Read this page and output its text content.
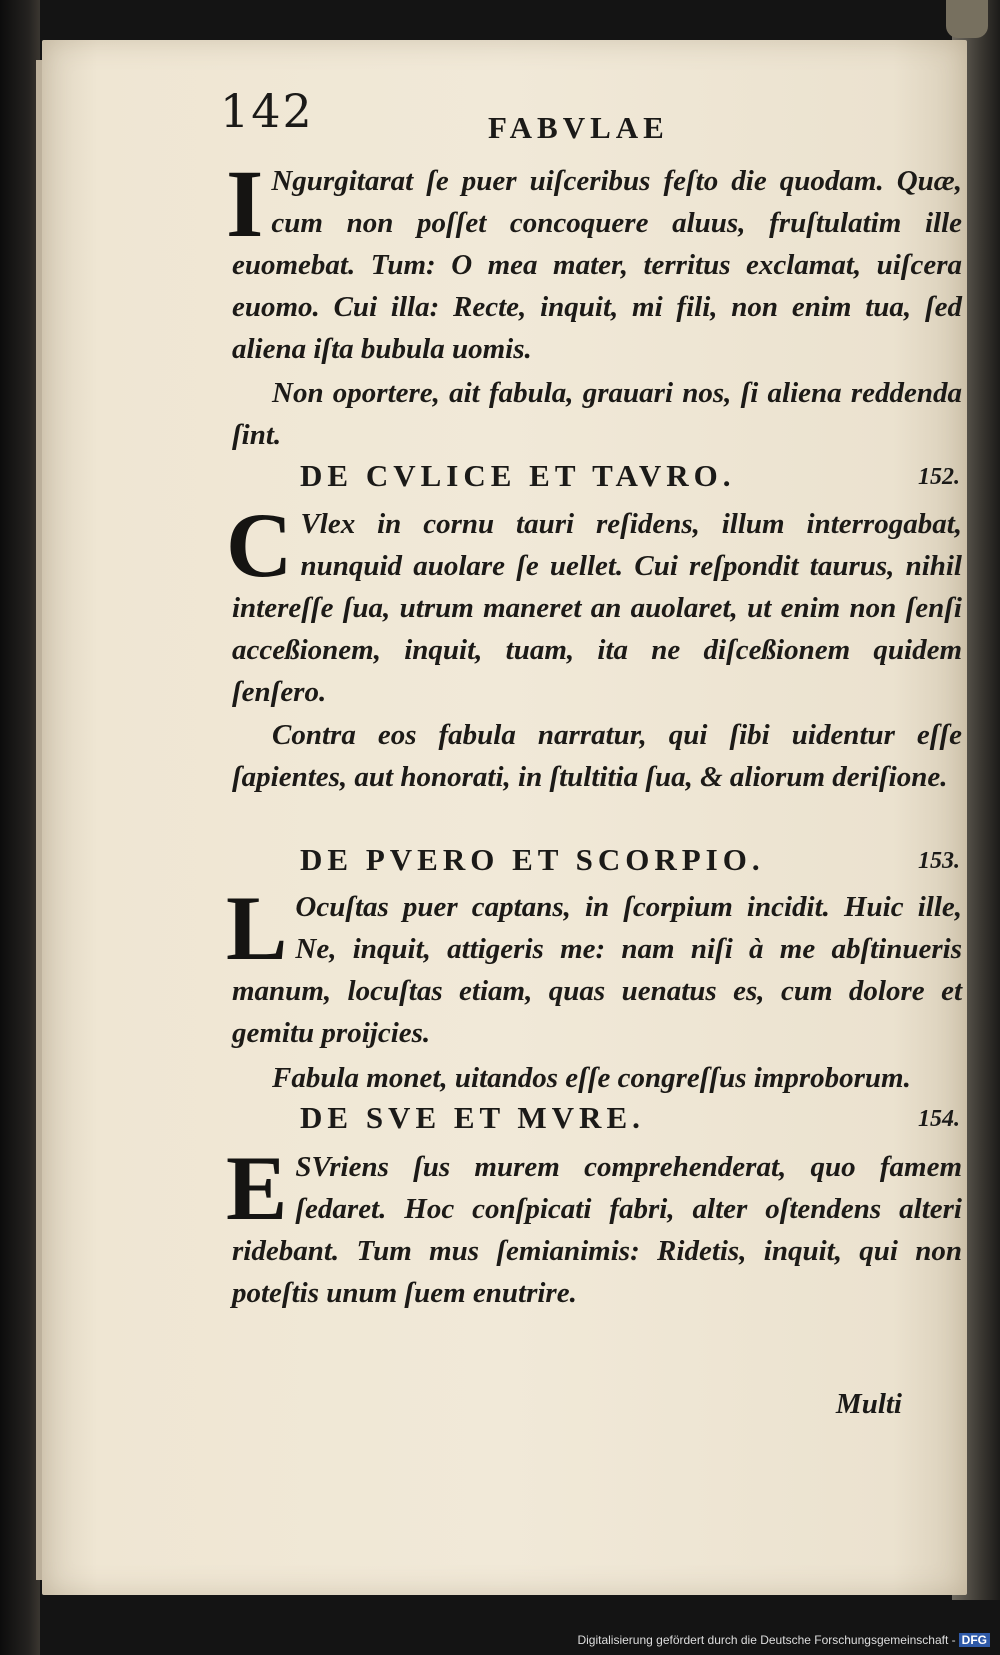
142	FABVLAE
I Ngurgitarat ſe puer uiſceribus feſto die quodam. Quæ, cum non poſſet concoquere aluus, fruſtulatim ille euomebat. Tum: O mea mater, territus exclamat, uiſcera euomo. Cui illa: Recte, inquit, mi fili, non enim tua, ſed aliena iſta bubula uomis.
Non oportere, ait fabula, grauari nos, ſi aliena reddenda ſint.
DE CVLICE ET TAVRO.	152.
C Vlex in cornu tauri reſidens, illum interrogabat, nunquid auolare ſe uellet. Cui reſpondit taurus, nihil intereſſe ſua, utrum maneret an auolaret, ut enim non ſenſi acceßionem, inquit, tuam, ita ne diſceßionem quidem ſenſero.
Contra eos fabula narratur, qui ſibi uidentur eſſe ſapientes, aut honorati, in ſtultitia ſua, & aliorum deriſione.
DE PVERO ET SCORPIO.	153.
L Ocuſtas puer captans, in ſcorpium incidit. Huic ille, Ne, inquit, attigeris me: nam niſi à me abſtinueris manum, locuſtas etiam, quas uenatus es, cum dolore et gemitu proijcies.
Fabula monet, uitandos eſſe congreſſus improborum.
DE SVE ET MVRE.	154.
E SVriens ſus murem comprehenderat, quo famem ſedaret. Hoc conſpicati fabri, alter oſtendens alteri ridebant. Tum mus ſemianimis: Ridetis, inquit, qui non poteſtis unum ſuem enutrire.
Multi
Digitalisierung gefördert durch die Deutsche Forschungsgemeinschaft - DFG
